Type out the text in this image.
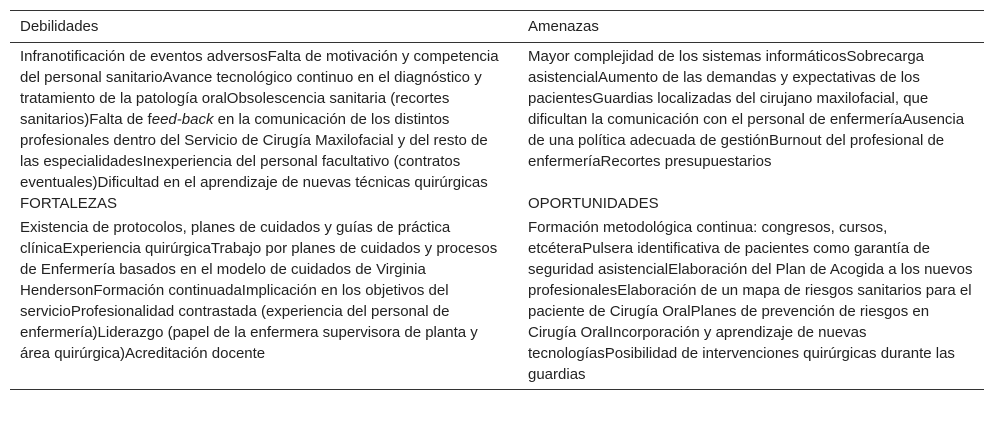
Debilidades	Amenazas
Infranotificación de eventos adversosFalta de motivación y competencia del personal sanitarioAvance tecnológico continuo en el diagnóstico y tratamiento de la patología oralObsolescencia sanitaria (recortes sanitarios)Falta de feed-back en la comunicación de los distintos profesionales dentro del Servicio de Cirugía Maxilofacial y del resto de las especialidadesInexperiencia del personal facultativo (contratos eventuales)Dificultad en el aprendizaje de nuevas técnicas quirúrgicas
Mayor complejidad de los sistemas informáticosSobrecarga asistencialAumento de las demandas y expectativas de los pacientesGuardias localizadas del cirujano maxilofacial, que dificultan la comunicación con el personal de enfermeríaAusencia de una política adecuada de gestiónBurnout del profesional de enfermeríaRecortes presupuestarios
FORTALEZAS	OPORTUNIDADES
Existencia de protocolos, planes de cuidados y guías de práctica clínicaExperiencia quirúrgicaTrabajo por planes de cuidados y procesos de Enfermería basados en el modelo de cuidados de Virginia HendersonFormación continuadaImplicación en los objetivos del servicioProfesionalidad contrastada (experiencia del personal de enfermería)Liderazgo (papel de la enfermera supervisora de planta y área quirúrgica)Acreditación docente
Formación metodológica continua: congresos, cursos, etcéteraPulsera identificativa de pacientes como garantía de seguridad asistencialElaboración del Plan de Acogida a los nuevos profesionalesElaboración de un mapa de riesgos sanitarios para el paciente de Cirugía OralPlanes de prevención de riesgos en Cirugía OralIncorporación y aprendizaje de nuevas tecnologíasPosibilidad de intervenciones quirúrgicas durante las guardias
